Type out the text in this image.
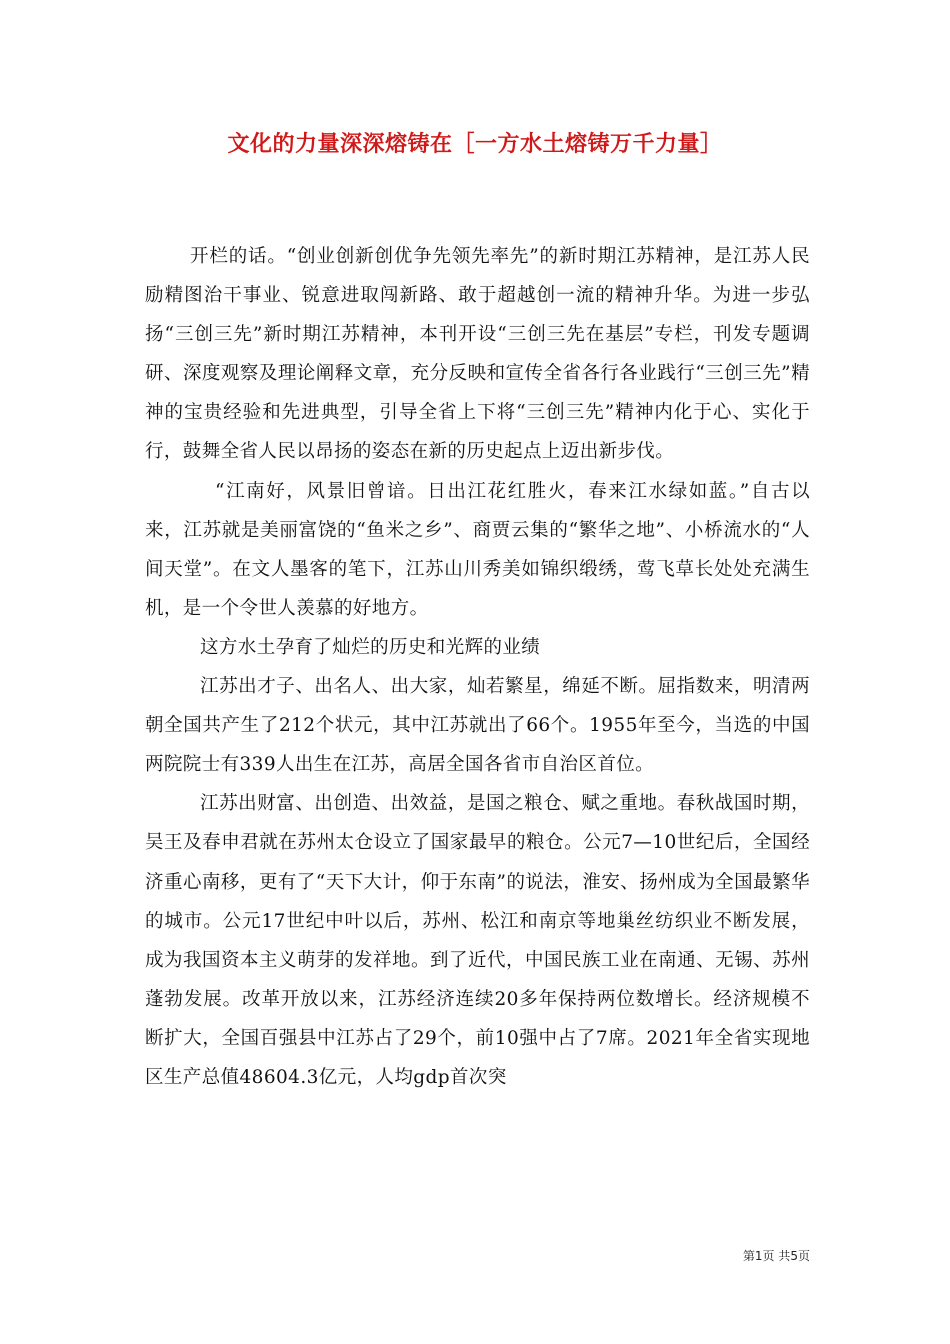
文化的力量深深熔铸在［一方水土熔铸万千力量］

开栏的话。“创业创新创优争先领先率先”的新时期江苏精神，是江苏人民励精图治干事业、锐意进取闯新路、敢于超越创一流的精神升华。为进一步弘扬“三创三先”新时期江苏精神，本刊开设“三创三先在基层”专栏，刊发专题调研、深度观察及理论阐释文章，充分反映和宣传全省各行各业践行“三创三先”精神的宝贵经验和先进典型，引导全省上下将“三创三先”精神内化于心、实化于行，鼓舞全省人民以昂扬的姿态在新的历史起点上迈出新步伐。

“江南好，风景旧曾谙。日出江花红胜火，春来江水绿如蓝。”自古以来，江苏就是美丽富饶的“鱼米之乡”、商贾云集的“繁华之地”、小桥流水的“人间天堂”。在文人墨客的笔下，江苏山川秀美如锦织缎绣，莺飞草长处处充满生机，是一个令世人羡慕的好地方。

这方水土孕育了灿烂的历史和光辉的业绩

江苏出才子、出名人、出大家，灿若繁星，绵延不断。屈指数来，明清两朝全国共产生了212个状元，其中江苏就出了66个。1955年至今，当选的中国两院院士有339人出生在江苏，高居全国各省市自治区首位。

江苏出财富、出创造、出效益，是国之粮仓、赋之重地。春秋战国时期，吴王及春申君就在苏州太仓设立了国家最早的粮仓。公元7—10世纪后，全国经济重心南移，更有了“天下大计，仰于东南”的说法，淮安、扬州成为全国最繁华的城市。公元17世纪中叶以后，苏州、松江和南京等地巢丝纺织业不断发展，成为我国资本主义萌芽的发祥地。到了近代，中国民族工业在南通、无锡、苏州蓬勃发展。改革开放以来，江苏经济连续20多年保持两位数增长。经济规模不断扩大，全国百强县中江苏占了29个，前10强中占了7席。2021年全省实现地区生产总值48604.3亿元，人均gdp首次突

第1页 共5页
